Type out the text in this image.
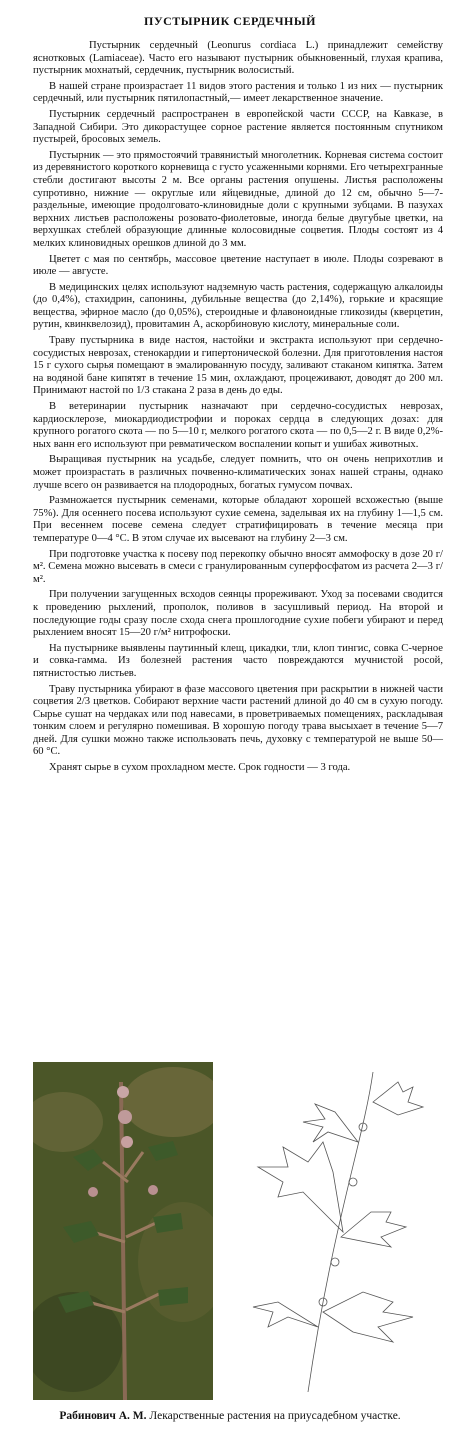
ПУСТЫРНИК СЕРДЕЧНЫЙ

Пустырник сердечный (Leonurus cordiaca L.) принадлежит семейству яснотковых (Lamiaceae). Часто его называют пустырник обыкновенный, глухая крапива, пустырник мохнатый, сердечник, пустырник волосистый.

В нашей стране произрастает 11 видов этого растения и только 1 из них — пустырник сердечный, или пустырник пятилопастный,— имеет лекарственное значение.

Пустырник сердечный распространен в европейской части СССР, на Кавказе, в Западной Сибири. Это дикорастущее сорное растение является постоянным спутником пустырей, бросовых земель.

Пустырник — это прямостоячий травянистый многолетник. Корневая система состоит из деревянистого короткого корневища с густо усаженными корнями. Его четырехгранные стебли достигают высоты 2 м. Все органы растения опушены. Листья расположены супротивно, нижние — округлые или яйцевидные, длиной до 12 см, обычно 5—7-раздельные, имеющие продолговато-клиновидные доли с крупными зубцами. В пазухах верхних листьев расположены розовато-фиолетовые, иногда белые двугубые цветки, на верхушках стеблей образующие длинные колосовидные соцветия. Плоды состоят из 4 мелких клиновидных орешков длиной до 3 мм.

Цветет с мая по сентябрь, массовое цветение наступает в июле. Плоды созревают в июле — августе.

В медицинских целях используют надземную часть растения, содержащую алкалоиды (до 0,4%), стахидрин, сапонины, дубильные вещества (до 2,14%), горькие и красящие вещества, эфирное масло (до 0,05%), стероидные и флавоноидные гликозиды (кверцетин, рутин, квинквелозид), провитамин А, аскорбиновую кислоту, минеральные соли.

Траву пустырника в виде настоя, настойки и экстракта используют при сердечно-сосудистых неврозах, стенокардии и гипертонической болезни. Для приготовления настоя 15 г сухого сырья помещают в эмалированную посуду, заливают стаканом кипятка. Затем на водяной бане кипятят в течение 15 мин, охлаждают, процеживают, доводят до 200 мл. Принимают настой по 1/3 стакана 2 раза в день до еды.

В ветеринарии пустырник назначают при сердечно-сосудистых неврозах, кардиосклерозе, миокардиодистрофии и пороках сердца в следующих дозах: для крупного рогатого скота — по 5—10 г, мелкого рогатого скота — по 0,5—2 г. В виде 0,2%-ных ванн его используют при ревматическом воспалении копыт и ушибах животных.

Выращивая пустырник на усадьбе, следует помнить, что он очень неприхотлив и может произрастать в различных почвенно-климатических зонах нашей страны, однако лучше всего он развивается на плодородных, богатых гумусом почвах.

Размножается пустырник семенами, которые обладают хорошей всхожестью (выше 75%). Для осеннего посева используют сухие семена, заделывая их на глубину 1—1,5 см. При весеннем посеве семена следует стратифицировать в течение месяца при температуре 0—4 °С. В этом случае их высевают на глубину 2—3 см.

При подготовке участка к посеву под перекопку обычно вносят аммофоску в дозе 20 г/м². Семена можно высевать в смеси с гранулированным суперфосфатом из расчета 2—3 г/м².

При получении загущенных всходов сеянцы прореживают. Уход за посевами сводится к проведению рыхлений, прополок, поливов в засушливый период. На второй и последующие годы сразу после схода снега прошлогодние сухие побеги убирают и перед рыхлением вносят 15—20 г/м² нитрофоски.

На пустырнике выявлены паутинный клещ, цикадки, тли, клоп тингис, совка С-черное и совка-гамма. Из болезней растения часто повреждаются мучнистой росой, пятнистостью листьев.

Траву пустырника убирают в фазе массового цветения при раскрытии в нижней части соцветия 2/3 цветков. Собирают верхние части растений длиной до 40 см в сухую погоду. Сырье сушат на чердаках или под навесами, в проветриваемых помещениях, раскладывая тонким слоем и регулярно помешивая. В хорошую погоду трава высыхает в течение 5—7 дней. Для сушки можно также использовать печь, духовку с температурой не выше 50—60 °С.

Хранят сырье в сухом прохладном месте. Срок годности — 3 года.

Рабинович А. М. Лекарственные растения на приусадебном участке.
